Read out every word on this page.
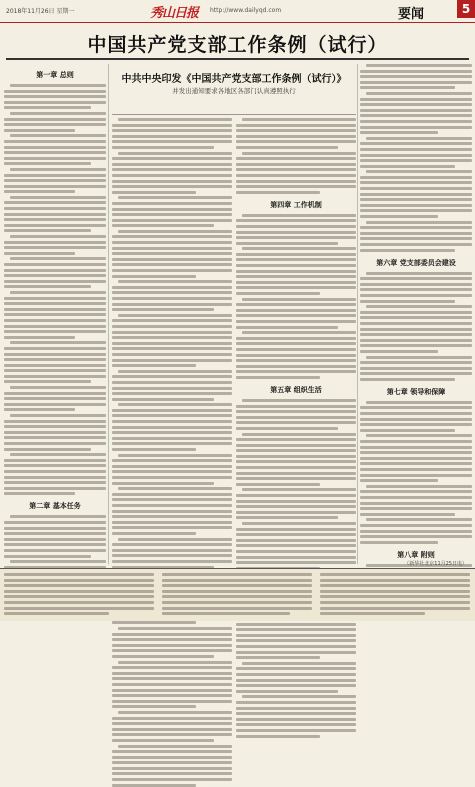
2018年11月26日 星期一	秀山日报 http://www.dailyqd.com	要闻	5
中国共产党支部工作条例（试行）
第一章 总则
第二章 基本任务
中共中央印发《中国共产党支部工作条例（试行）》
并发出通知要求各地区各部门认真遵照执行
第四章 工作机制
第五章 组织生活
第六章 党支部委员会建设
第七章 领导和保障
第八章 附则
（新华社北京11月25日电）
